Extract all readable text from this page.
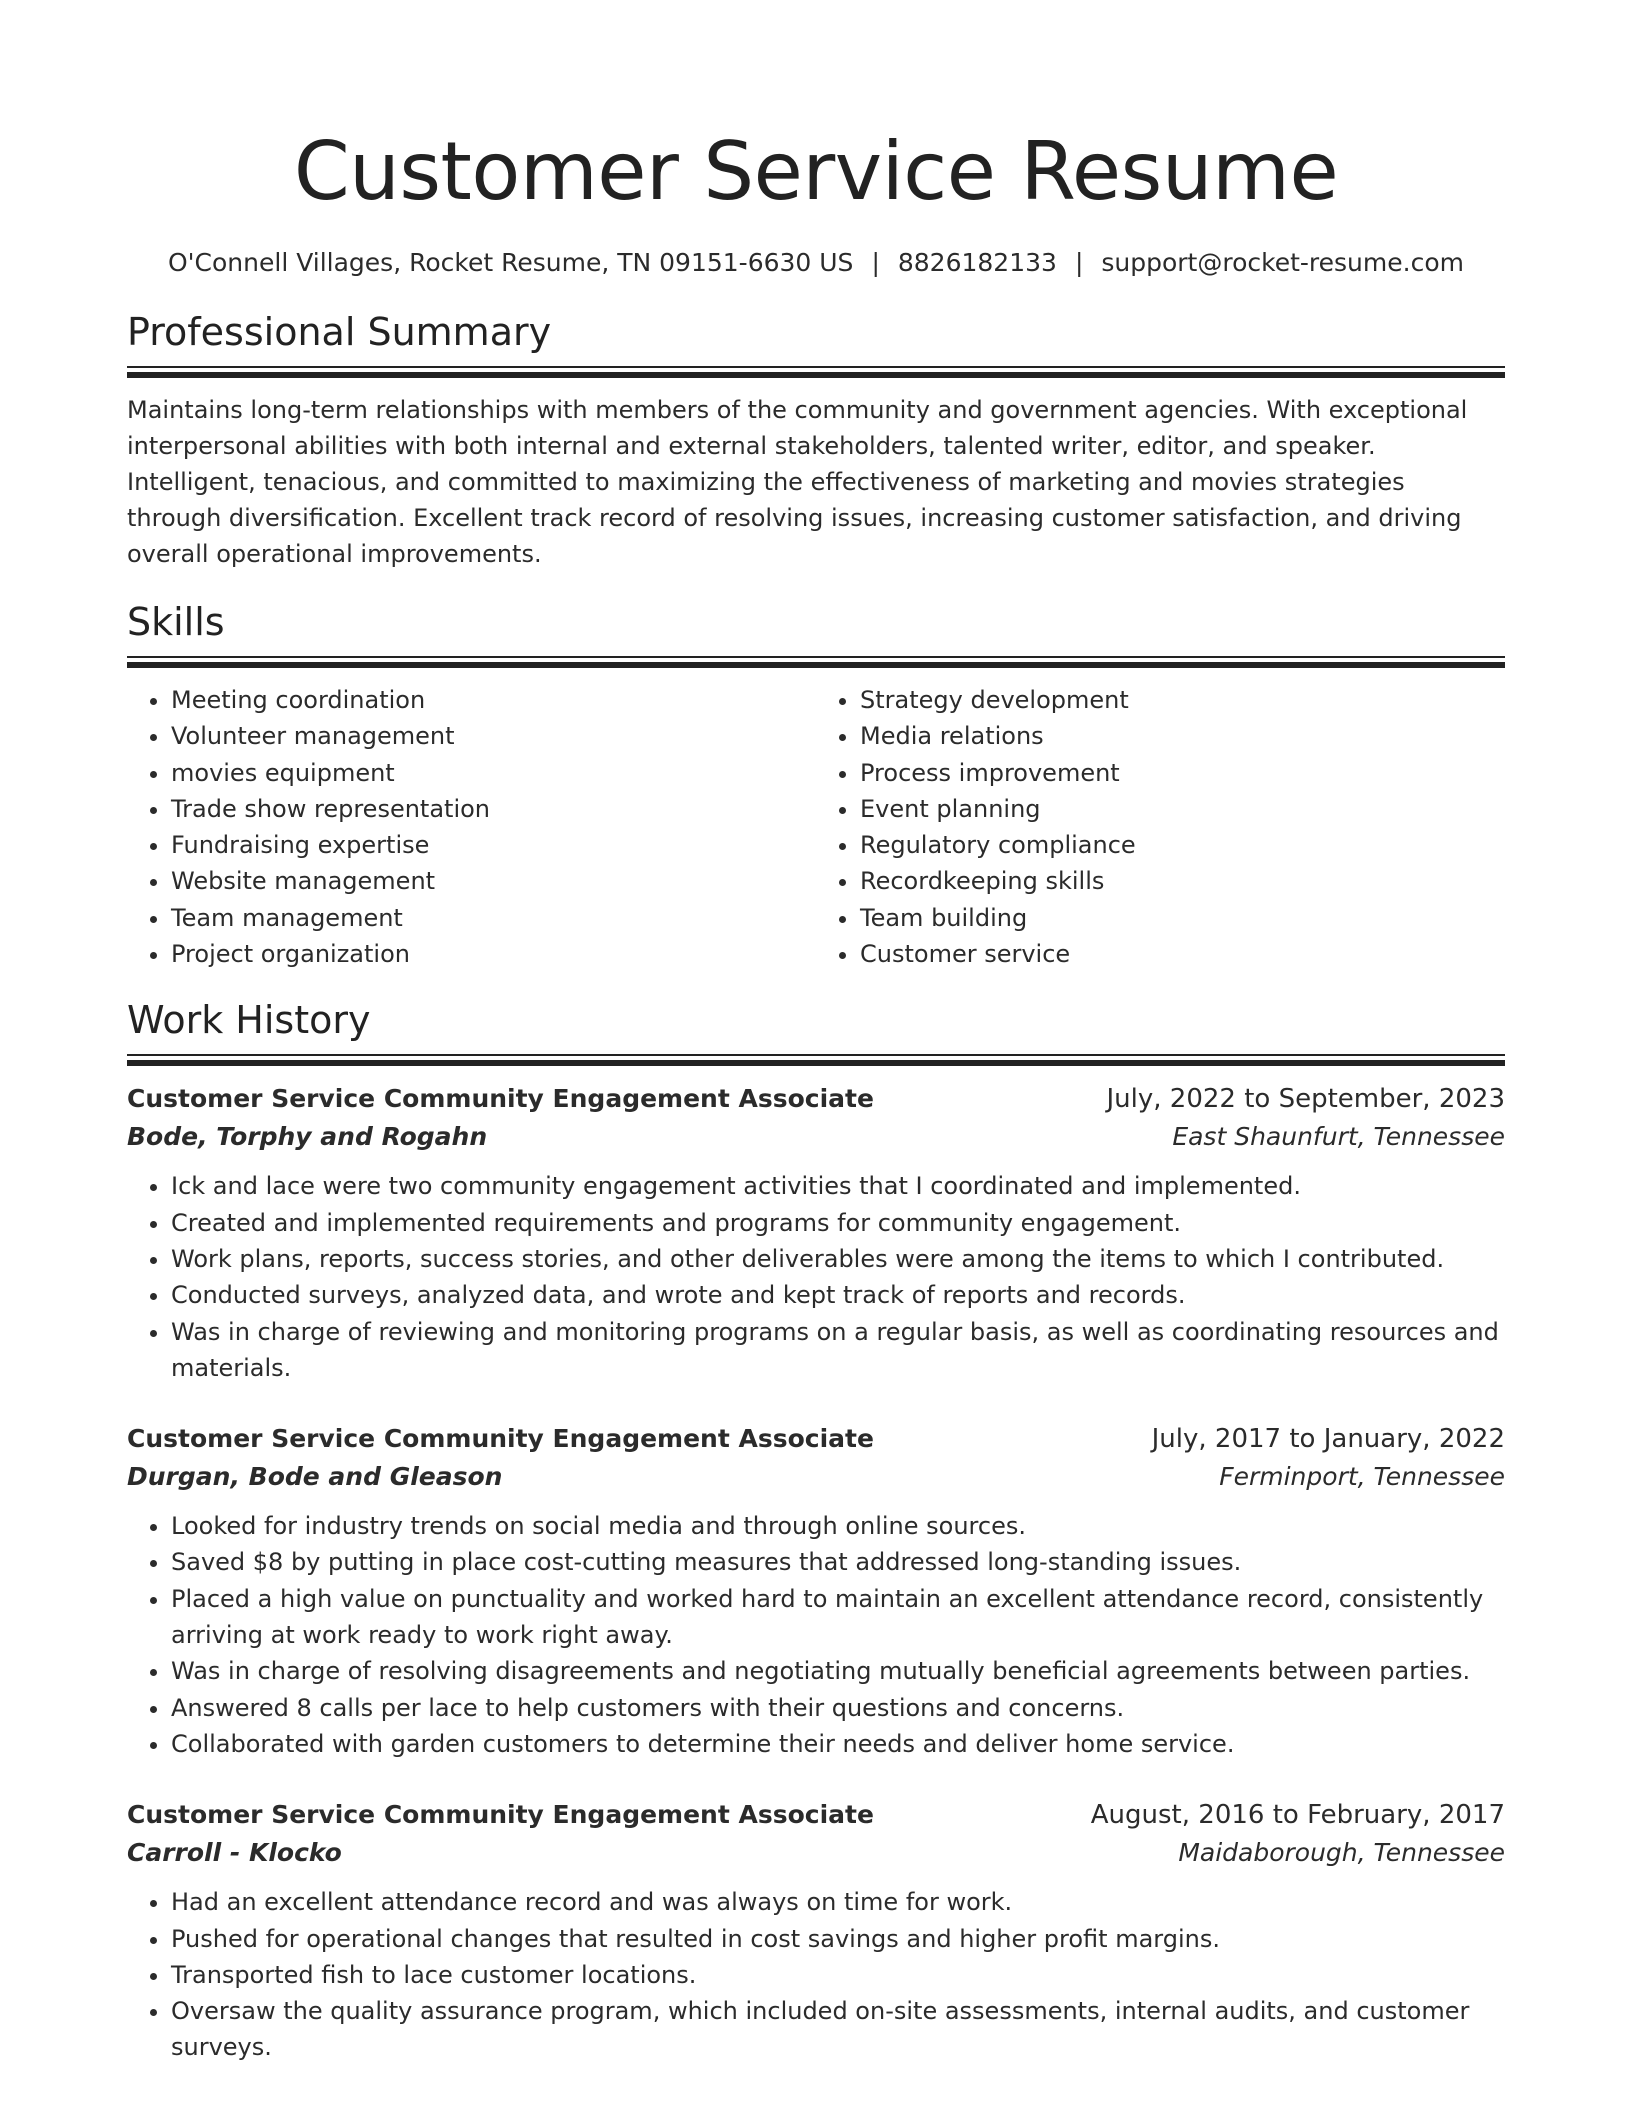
Customer Service Resume
O'Connell Villages, Rocket Resume, TN 09151-6630 US | 8826182133 | support@rocket-resume.com
Professional Summary

Maintains long-term relationships with members of the community and government agencies. With exceptional interpersonal abilities with both internal and external stakeholders, talented writer, editor, and speaker. Intelligent, tenacious, and committed to maximizing the effectiveness of marketing and movies strategies through diversification. Excellent track record of resolving issues, increasing customer satisfaction, and driving overall operational improvements.

Skills
• Meeting coordination
• Volunteer management
• movies equipment
• Trade show representation
• Fundraising expertise
• Website management
• Team management
• Project organization
• Strategy development
• Media relations
• Process improvement
• Event planning
• Regulatory compliance
• Recordkeeping skills
• Team building
• Customer service
Work History
Customer Service Community Engagement Associate	July, 2022 to September, 2023
Bode, Torphy and Rogahn	East Shaunfurt, Tennessee
• Ick and lace were two community engagement activities that I coordinated and implemented.
• Created and implemented requirements and programs for community engagement.
• Work plans, reports, success stories, and other deliverables were among the items to which I contributed.
• Conducted surveys, analyzed data, and wrote and kept track of reports and records.
• Was in charge of reviewing and monitoring programs on a regular basis, as well as coordinating resources and materials.
Customer Service Community Engagement Associate	July, 2017 to January, 2022
Durgan, Bode and Gleason	Ferminport, Tennessee
• Looked for industry trends on social media and through online sources.
• Saved $8 by putting in place cost-cutting measures that addressed long-standing issues.
• Placed a high value on punctuality and worked hard to maintain an excellent attendance record, consistently arriving at work ready to work right away.
• Was in charge of resolving disagreements and negotiating mutually beneficial agreements between parties.
• Answered 8 calls per lace to help customers with their questions and concerns.
• Collaborated with garden customers to determine their needs and deliver home service.
Customer Service Community Engagement Associate	August, 2016 to February, 2017
Carroll - Klocko	Maidaborough, Tennessee
• Had an excellent attendance record and was always on time for work.
• Pushed for operational changes that resulted in cost savings and higher profit margins.
• Transported fish to lace customer locations.
• Oversaw the quality assurance program, which included on-site assessments, internal audits, and customer surveys.
